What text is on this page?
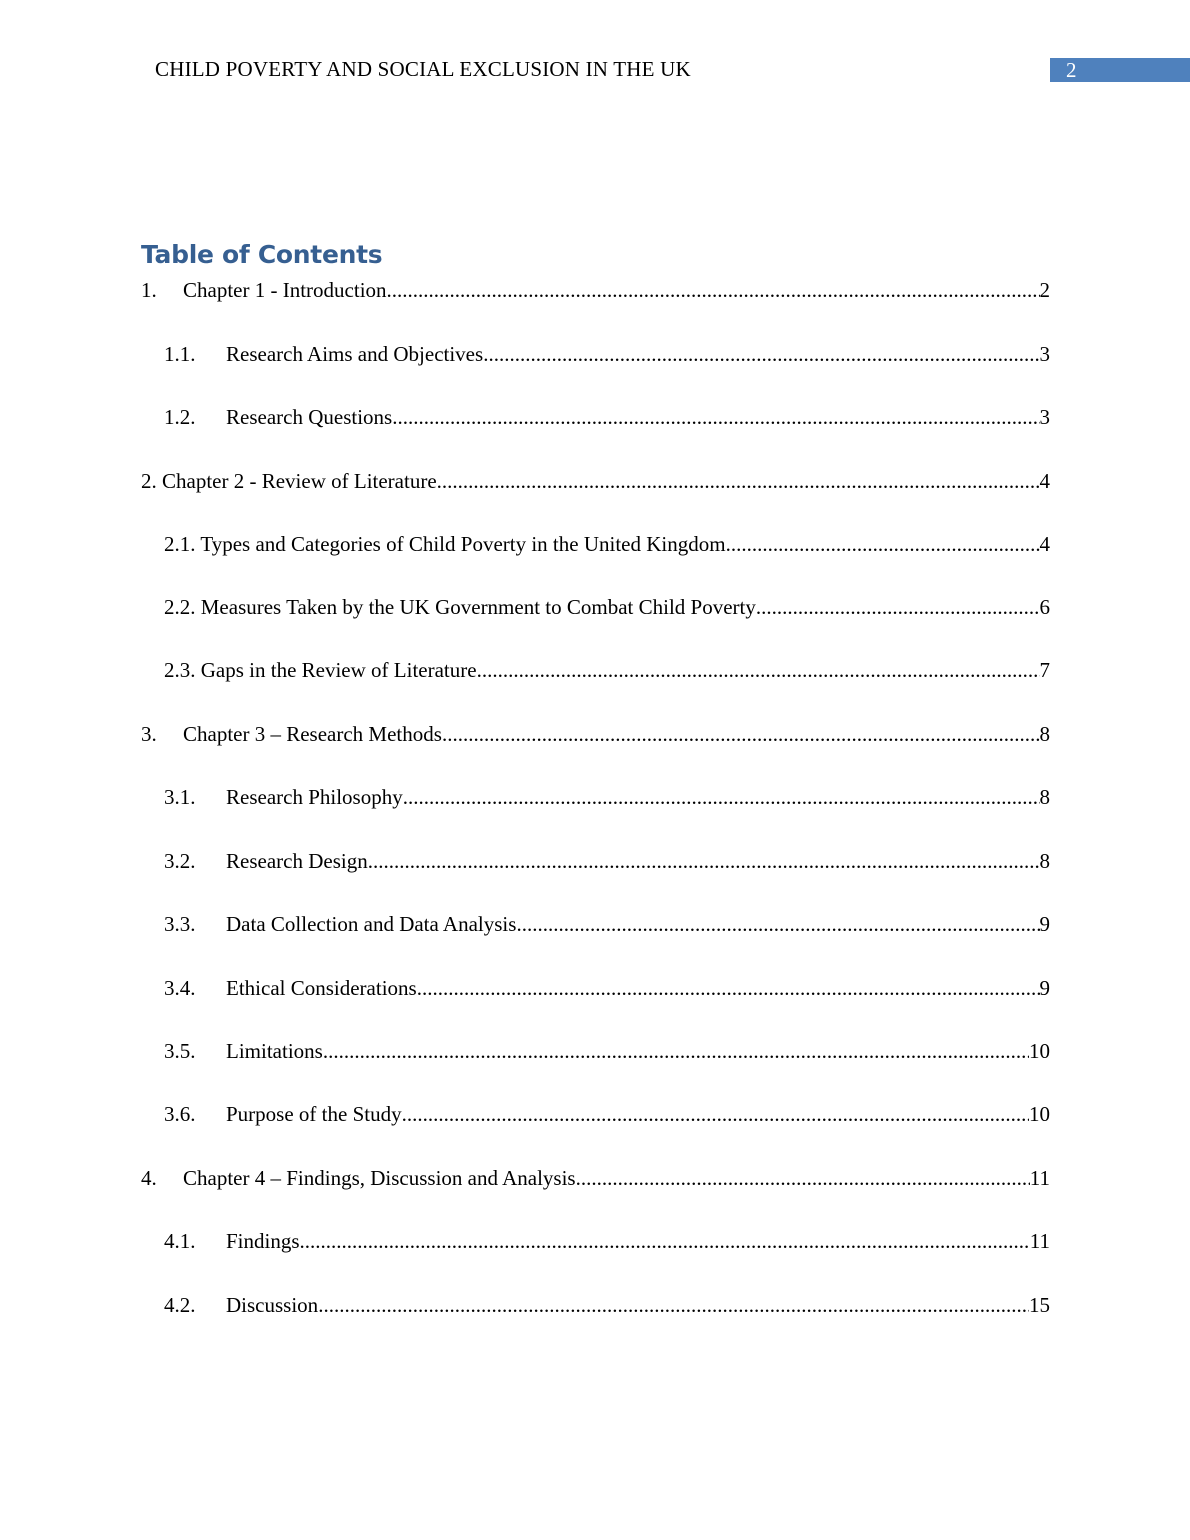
CHILD POVERTY AND SOCIAL EXCLUSION IN THE UK	2
Table of Contents
1.	Chapter 1 - Introduction .....	2
1.1.	Research Aims and Objectives .....	3
1.2.	Research Questions .....	3
2. Chapter 2 - Review of Literature .....	4
2.1. Types and Categories of Child Poverty in the United Kingdom .....	4
2.2. Measures Taken by the UK Government to Combat Child Poverty .....	6
2.3. Gaps in the Review of Literature .....	7
3.	Chapter 3 – Research Methods .....	8
3.1.	Research Philosophy .....	8
3.2.	Research Design .....	8
3.3.	Data Collection and Data Analysis .....	9
3.4.	Ethical Considerations .....	9
3.5.	Limitations .....	10
3.6.	Purpose of the Study .....	10
4.	Chapter 4 – Findings, Discussion and Analysis .....	11
4.1.	Findings .....	11
4.2.	Discussion .....	15
